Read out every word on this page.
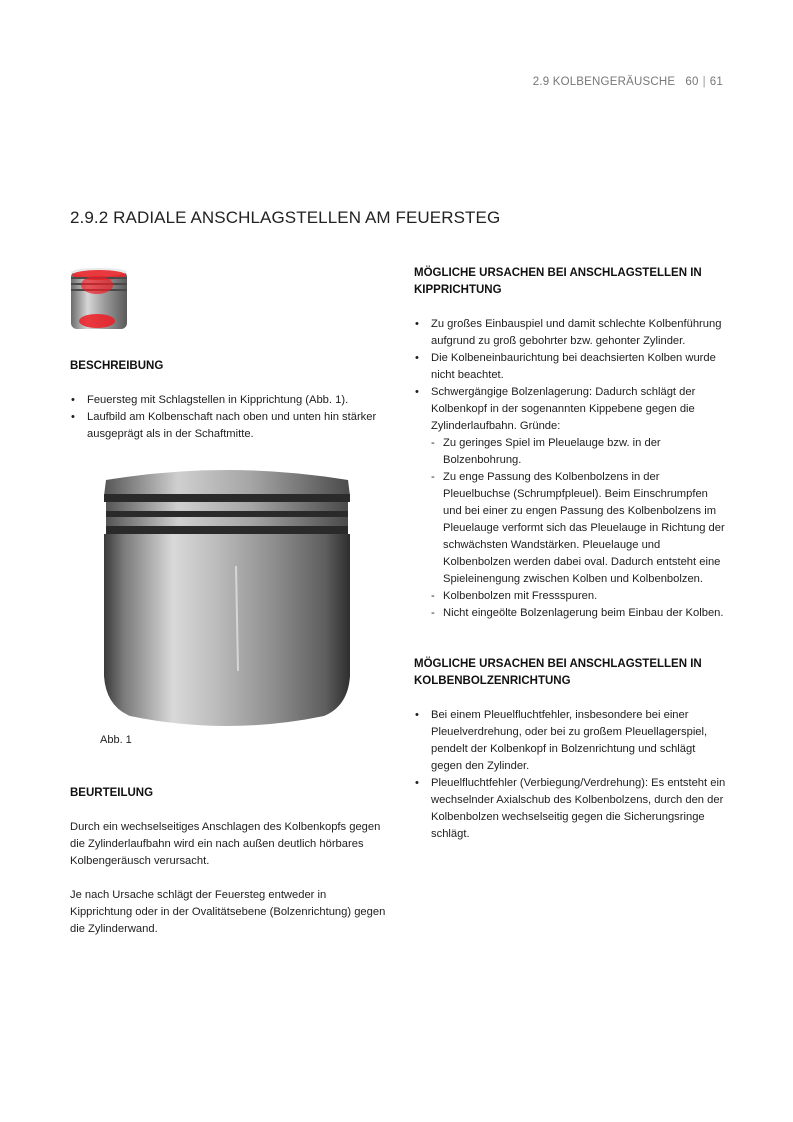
2.9 KOLBENGERÄUSCHE 60 | 61
2.9.2 RADIALE ANSCHLAGSTELLEN AM FEUERSTEG
BESCHREIBUNG
• Feuersteg mit Schlagstellen in Kipprichtung (Abb. 1).
• Laufbild am Kolbenschaft nach oben und unten hin stärker ausgeprägt als in der Schaftmitte.
Abb. 1
BEURTEILUNG

Durch ein wechselseitiges Anschlagen des Kolbenkopfs gegen die Zylinderlaufbahn wird ein nach außen deutlich hörbares Kolbengeräusch verursacht.

Je nach Ursache schlägt der Feuersteg entweder in Kipprichtung oder in der Ovalitätsebene (Bolzenrichtung) gegen die Zylinderwand.

MÖGLICHE URSACHEN BEI ANSCHLAGSTELLEN IN KIPPRICHTUNG
• Zu großes Einbauspiel und damit schlechte Kolbenführung aufgrund zu groß gebohrter bzw. gehonter Zylinder.
• Die Kolbeneinbaurichtung bei deachsierten Kolben wurde nicht beachtet.
• Schwergängige Bolzenlagerung: Dadurch schlägt der Kolbenkopf in der sogenannten Kippebene gegen die Zylinderlaufbahn. Gründe:
- Zu geringes Spiel im Pleuelauge bzw. in der Bolzenbohrung.
- Zu enge Passung des Kolbenbolzens in der Pleuelbuchse (Schrumpfpleuel). Beim Einschrumpfen und bei einer zu engen Passung des Kolbenbolzens im Pleuelauge verformt sich das Pleuelauge in Richtung der schwächsten Wandstärken. Pleuelauge und Kolbenbolzen werden dabei oval. Dadurch entsteht eine Spieleinengung zwischen Kolben und Kolbenbolzen.
- Kolbenbolzen mit Fressspuren.
- Nicht eingeölte Bolzenlagerung beim Einbau der Kolben.
MÖGLICHE URSACHEN BEI ANSCHLAGSTELLEN IN KOLBENBOLZENRICHTUNG
• Bei einem Pleuelfluchtfehler, insbesondere bei einer Pleuelverdrehung, oder bei zu großem Pleuellagerspiel, pendelt der Kolbenkopf in Bolzenrichtung und schlägt gegen den Zylinder.
• Pleuelfluchtfehler (Verbiegung/Verdrehung): Es entsteht ein wechselnder Axialschub des Kolbenbolzens, durch den der Kolbenbolzen wechselseitig gegen die Sicherungsringe schlägt.
